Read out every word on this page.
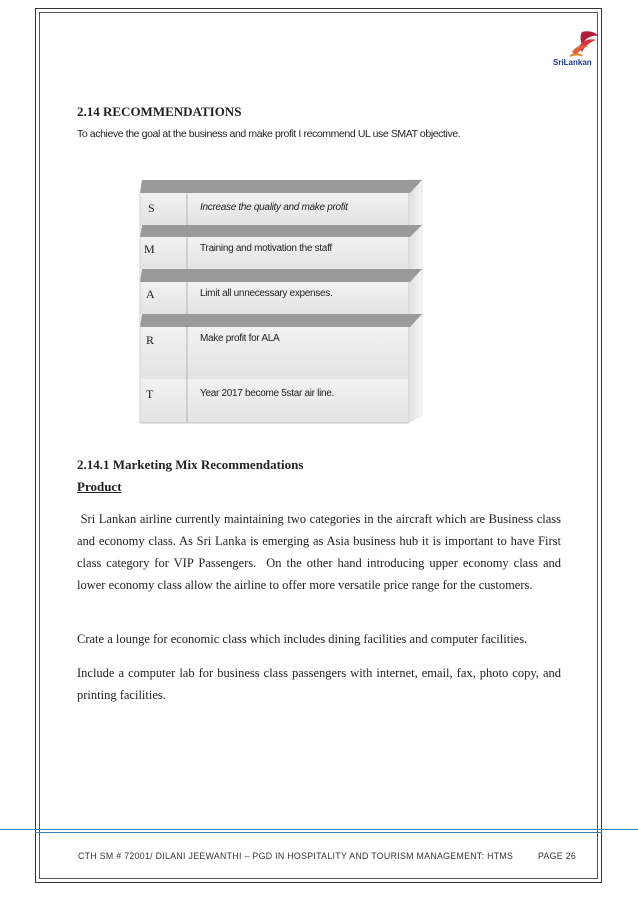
SriLankan
2.14 RECOMMENDATIONS
To achieve the goal at the business and make profit I recommend UL use SMAT objective.
S	Increase the quality and make profit
M	Training and motivation the staff
A	Limit all unnecessary expenses.
R	Make profit for ALA
T	Year 2017 become 5star air line.
2.14.1 Marketing Mix Recommendations
Product

Sri Lankan airline currently maintaining two categories in the aircraft which are Business class and economy class. As Sri Lanka is emerging as Asia business hub it is important to have First class category for VIP Passengers.  On the other hand introducing upper economy class and lower economy class allow the airline to offer more versatile price range for the customers.

Crate a lounge for economic class which includes dining facilities and computer facilities.

Include a computer lab for business class passengers with internet, email, fax, photo copy, and printing facilities.

CTH SM # 72001/ DILANI JEEWANTHI – PGD IN HOSPITALITY AND TOURISM MANAGEMENT: HTMS	PAGE 26
